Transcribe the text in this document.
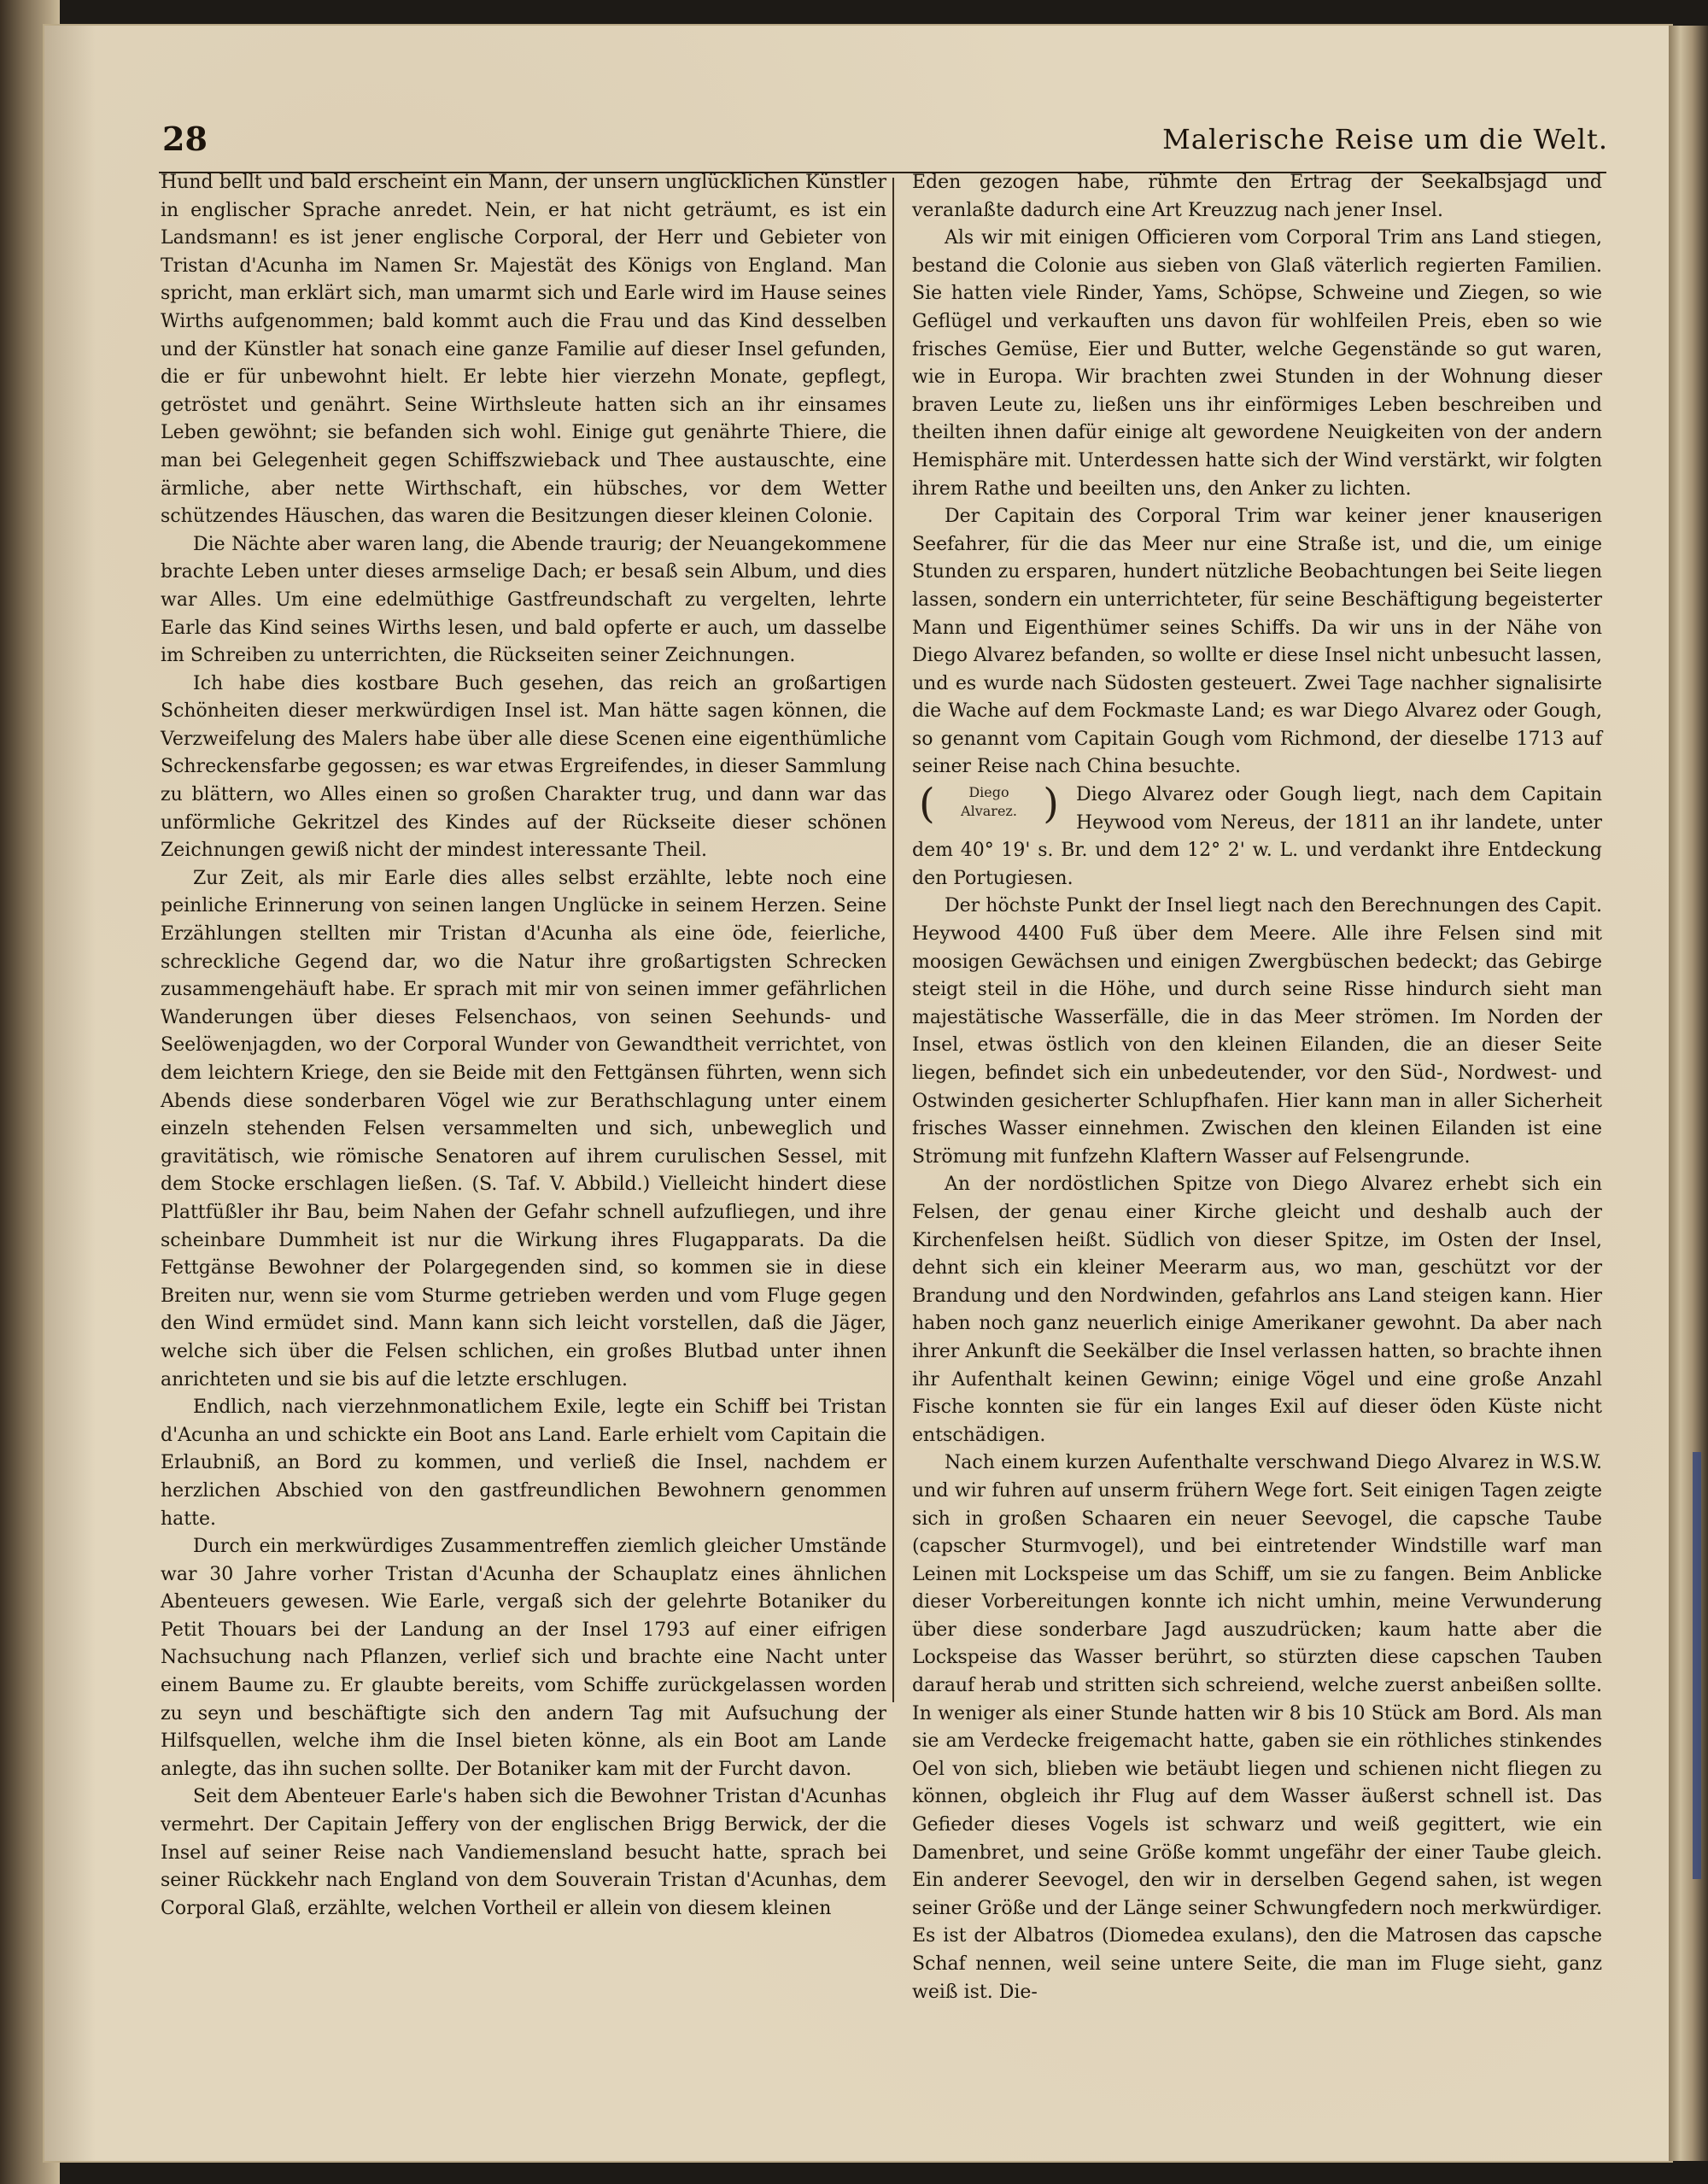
28	Malerische Reise um die Welt.

Hund bellt und bald erscheint ein Mann, der unsern unglücklichen Künstler in englischer Sprache anredet. Nein, er hat nicht geträumt, es ist ein Landsmann! es ist jener englische Corporal, der Herr und Gebieter von Tristan d'Acunha im Namen Sr. Majestät des Königs von England. Man spricht, man erklärt sich, man umarmt sich und Earle wird im Hause seines Wirths aufgenommen; bald kommt auch die Frau und das Kind desselben und der Künstler hat sonach eine ganze Familie auf dieser Insel gefunden, die er für unbewohnt hielt. Er lebte hier vierzehn Monate, gepflegt, getröstet und genährt. Seine Wirthsleute hatten sich an ihr einsames Leben gewöhnt; sie befanden sich wohl. Einige gut genährte Thiere, die man bei Gelegenheit gegen Schiffszwieback und Thee austauschte, eine ärmliche, aber nette Wirthschaft, ein hübsches, vor dem Wetter schützendes Häuschen, das waren die Besitzungen dieser kleinen Colonie.

Die Nächte aber waren lang, die Abende traurig; der Neuangekommene brachte Leben unter dieses armselige Dach; er besaß sein Album, und dies war Alles. Um eine edelmüthige Gastfreundschaft zu vergelten, lehrte Earle das Kind seines Wirths lesen, und bald opferte er auch, um dasselbe im Schreiben zu unterrichten, die Rückseiten seiner Zeichnungen.

Ich habe dies kostbare Buch gesehen, das reich an großartigen Schönheiten dieser merkwürdigen Insel ist. Man hätte sagen können, die Verzweifelung des Malers habe über alle diese Scenen eine eigenthümliche Schreckensfarbe gegossen; es war etwas Ergreifendes, in dieser Sammlung zu blättern, wo Alles einen so großen Charakter trug, und dann war das unförmliche Gekritzel des Kindes auf der Rückseite dieser schönen Zeichnungen gewiß nicht der mindest interessante Theil.

Zur Zeit, als mir Earle dies alles selbst erzählte, lebte noch eine peinliche Erinnerung von seinen langen Unglücke in seinem Herzen. Seine Erzählungen stellten mir Tristan d'Acunha als eine öde, feierliche, schreckliche Gegend dar, wo die Natur ihre großartigsten Schrecken zusammengehäuft habe. Er sprach mit mir von seinen immer gefährlichen Wanderungen über dieses Felsenchaos, von seinen Seehunds- und Seelöwenjagden, wo der Corporal Wunder von Gewandtheit verrichtet, von dem leichtern Kriege, den sie Beide mit den Fettgänsen führten, wenn sich Abends diese sonderbaren Vögel wie zur Berathschlagung unter einem einzeln stehenden Felsen versammelten und sich, unbeweglich und gravitätisch, wie römische Senatoren auf ihrem curulischen Sessel, mit dem Stocke erschlagen ließen. (S. Taf. V. Abbild.) Vielleicht hindert diese Plattfüßler ihr Bau, beim Nahen der Gefahr schnell aufzufliegen, und ihre scheinbare Dummheit ist nur die Wirkung ihres Flugapparats. Da die Fettgänse Bewohner der Polargegenden sind, so kommen sie in diese Breiten nur, wenn sie vom Sturme getrieben werden und vom Fluge gegen den Wind ermüdet sind. Mann kann sich leicht vorstellen, daß die Jäger, welche sich über die Felsen schlichen, ein großes Blutbad unter ihnen anrichteten und sie bis auf die letzte erschlugen.

Endlich, nach vierzehnmonatlichem Exile, legte ein Schiff bei Tristan d'Acunha an und schickte ein Boot ans Land. Earle erhielt vom Capitain die Erlaubniß, an Bord zu kommen, und verließ die Insel, nachdem er herzlichen Abschied von den gastfreundlichen Bewohnern genommen hatte.

Durch ein merkwürdiges Zusammentreffen ziemlich gleicher Umstände war 30 Jahre vorher Tristan d'Acunha der Schauplatz eines ähnlichen Abenteuers gewesen. Wie Earle, vergaß sich der gelehrte Botaniker du Petit Thouars bei der Landung an der Insel 1793 auf einer eifrigen Nachsuchung nach Pflanzen, verlief sich und brachte eine Nacht unter einem Baume zu. Er glaubte bereits, vom Schiffe zurückgelassen worden zu seyn und beschäftigte sich den andern Tag mit Aufsuchung der Hilfsquellen, welche ihm die Insel bieten könne, als ein Boot am Lande anlegte, das ihn suchen sollte. Der Botaniker kam mit der Furcht davon.

Seit dem Abenteuer Earle's haben sich die Bewohner Tristan d'Acunhas vermehrt. Der Capitain Jeffery von der englischen Brigg Berwick, der die Insel auf seiner Reise nach Vandiemensland besucht hatte, sprach bei seiner Rückkehr nach England von dem Souverain Tristan d'Acunhas, dem Corporal Glaß, erzählte, welchen Vortheil er allein von diesem kleinen

Eden gezogen habe, rühmte den Ertrag der Seekalbsjagd und veranlaßte dadurch eine Art Kreuzzug nach jener Insel.

Als wir mit einigen Officieren vom Corporal Trim ans Land stiegen, bestand die Colonie aus sieben von Glaß väterlich regierten Familien. Sie hatten viele Rinder, Yams, Schöpse, Schweine und Ziegen, so wie Geflügel und verkauften uns davon für wohlfeilen Preis, eben so wie frisches Gemüse, Eier und Butter, welche Gegenstände so gut waren, wie in Europa. Wir brachten zwei Stunden in der Wohnung dieser braven Leute zu, ließen uns ihr einförmiges Leben beschreiben und theilten ihnen dafür einige alt gewordene Neuigkeiten von der andern Hemisphäre mit. Unterdessen hatte sich der Wind verstärkt, wir folgten ihrem Rathe und beeilten uns, den Anker zu lichten.

Der Capitain des Corporal Trim war keiner jener knauserigen Seefahrer, für die das Meer nur eine Straße ist, und die, um einige Stunden zu ersparen, hundert nützliche Beobachtungen bei Seite liegen lassen, sondern ein unterrichteter, für seine Beschäftigung begeisterter Mann und Eigenthümer seines Schiffs. Da wir uns in der Nähe von Diego Alvarez befanden, so wollte er diese Insel nicht unbesucht lassen, und es wurde nach Südosten gesteuert. Zwei Tage nachher signalisirte die Wache auf dem Fockmaste Land; es war Diego Alvarez oder Gough, so genannt vom Capitain Gough vom Richmond, der dieselbe 1713 auf seiner Reise nach China besuchte.

(	Diego
Alvarez. ) Diego Alvarez oder Gough liegt, nach dem Capitain Heywood vom Nereus, der 1811 an ihr landete, unter dem 40° 19' s. Br. und dem 12° 2' w. L. und verdankt ihre Entdeckung den Portugiesen.

Der höchste Punkt der Insel liegt nach den Berechnungen des Capit. Heywood 4400 Fuß über dem Meere. Alle ihre Felsen sind mit moosigen Gewächsen und einigen Zwergbüschen bedeckt; das Gebirge steigt steil in die Höhe, und durch seine Risse hindurch sieht man majestätische Wasserfälle, die in das Meer strömen. Im Norden der Insel, etwas östlich von den kleinen Eilanden, die an dieser Seite liegen, befindet sich ein unbedeutender, vor den Süd-, Nordwest- und Ostwinden gesicherter Schlupfhafen. Hier kann man in aller Sicherheit frisches Wasser einnehmen. Zwischen den kleinen Eilanden ist eine Strömung mit funfzehn Klaftern Wasser auf Felsengrunde.

An der nordöstlichen Spitze von Diego Alvarez erhebt sich ein Felsen, der genau einer Kirche gleicht und deshalb auch der Kirchenfelsen heißt. Südlich von dieser Spitze, im Osten der Insel, dehnt sich ein kleiner Meerarm aus, wo man, geschützt vor der Brandung und den Nordwinden, gefahrlos ans Land steigen kann. Hier haben noch ganz neuerlich einige Amerikaner gewohnt. Da aber nach ihrer Ankunft die Seekälber die Insel verlassen hatten, so brachte ihnen ihr Aufenthalt keinen Gewinn; einige Vögel und eine große Anzahl Fische konnten sie für ein langes Exil auf dieser öden Küste nicht entschädigen.

Nach einem kurzen Aufenthalte verschwand Diego Alvarez in W.S.W. und wir fuhren auf unserm frühern Wege fort. Seit einigen Tagen zeigte sich in großen Schaaren ein neuer Seevogel, die capsche Taube (capscher Sturmvogel), und bei eintretender Windstille warf man Leinen mit Lockspeise um das Schiff, um sie zu fangen. Beim Anblicke dieser Vorbereitungen konnte ich nicht umhin, meine Verwunderung über diese sonderbare Jagd auszudrücken; kaum hatte aber die Lockspeise das Wasser berührt, so stürzten diese capschen Tauben darauf herab und stritten sich schreiend, welche zuerst anbeißen sollte. In weniger als einer Stunde hatten wir 8 bis 10 Stück am Bord. Als man sie am Verdecke freigemacht hatte, gaben sie ein röthliches stinkendes Oel von sich, blieben wie betäubt liegen und schienen nicht fliegen zu können, obgleich ihr Flug auf dem Wasser äußerst schnell ist. Das Gefieder dieses Vogels ist schwarz und weiß gegittert, wie ein Damenbret, und seine Größe kommt ungefähr der einer Taube gleich. Ein anderer Seevogel, den wir in derselben Gegend sahen, ist wegen seiner Größe und der Länge seiner Schwungfedern noch merkwürdiger. Es ist der Albatros (Diomedea exulans), den die Matrosen das capsche Schaf nennen, weil seine untere Seite, die man im Fluge sieht, ganz weiß ist. Die-
